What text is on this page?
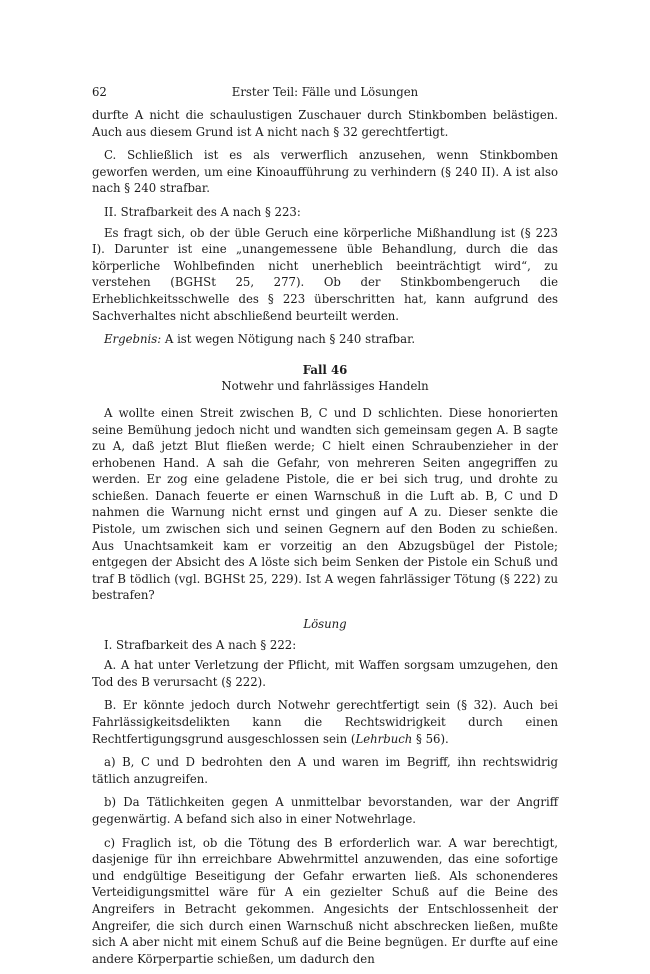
62	Erster Teil: Fälle und Lösungen

durfte A nicht die schaulustigen Zuschauer durch Stinkbomben belästigen. Auch aus diesem Grund ist A nicht nach § 32 gerechtfertigt.

C. Schließlich ist es als verwerflich anzusehen, wenn Stinkbomben geworfen werden, um eine Kinoaufführung zu verhindern (§ 240 II). A ist also nach § 240 strafbar.

II. Strafbarkeit des A nach § 223:

Es fragt sich, ob der üble Geruch eine körperliche Mißhandlung ist (§ 223 I). Darunter ist eine „unangemessene üble Behandlung, durch die das körperliche Wohlbefinden nicht unerheblich beeinträchtigt wird“, zu verstehen (BGHSt 25, 277). Ob der Stinkbombengeruch die Erheblichkeitsschwelle des § 223 überschritten hat, kann aufgrund des Sachverhaltes nicht abschließend beurteilt werden.

Ergebnis: A ist wegen Nötigung nach § 240 strafbar.

Fall 46
Notwehr und fahrlässiges Handeln

A wollte einen Streit zwischen B, C und D schlichten. Diese honorierten seine Bemühung jedoch nicht und wandten sich gemeinsam gegen A. B sagte zu A, daß jetzt Blut fließen werde; C hielt einen Schraubenzieher in der erhobenen Hand. A sah die Gefahr, von mehreren Seiten angegriffen zu werden. Er zog eine geladene Pistole, die er bei sich trug, und drohte zu schießen. Danach feuerte er einen Warnschuß in die Luft ab. B, C und D nahmen die Warnung nicht ernst und gingen auf A zu. Dieser senkte die Pistole, um zwischen sich und seinen Gegnern auf den Boden zu schießen. Aus Unachtsamkeit kam er vorzeitig an den Abzugsbügel der Pistole; entgegen der Absicht des A löste sich beim Senken der Pistole ein Schuß und traf B tödlich (vgl. BGHSt 25, 229). Ist A wegen fahrlässiger Tötung (§ 222) zu bestrafen?

Lösung

I. Strafbarkeit des A nach § 222:

A. A hat unter Verletzung der Pflicht, mit Waffen sorgsam umzugehen, den Tod des B verursacht (§ 222).

B. Er könnte jedoch durch Notwehr gerechtfertigt sein (§ 32). Auch bei Fahrlässigkeitsdelikten kann die Rechtswidrigkeit durch einen Rechtfertigungsgrund ausgeschlossen sein (Lehrbuch § 56).

a) B, C und D bedrohten den A und waren im Begriff, ihn rechtswidrig tätlich anzugreifen.

b) Da Tätlichkeiten gegen A unmittelbar bevorstanden, war der Angriff gegenwärtig. A befand sich also in einer Notwehrlage.

c) Fraglich ist, ob die Tötung des B erforderlich war. A war berechtigt, dasjenige für ihn erreichbare Abwehrmittel anzuwenden, das eine sofortige und endgültige Beseitigung der Gefahr erwarten ließ. Als schonenderes Verteidigungsmittel wäre für A ein gezielter Schuß auf die Beine des Angreifers in Betracht gekommen. Angesichts der Entschlossenheit der Angreifer, die sich durch einen Warnschuß nicht abschrecken ließen, mußte sich A aber nicht mit einem Schuß auf die Beine begnügen. Er durfte auf eine andere Körperpartie schießen, um dadurch den
